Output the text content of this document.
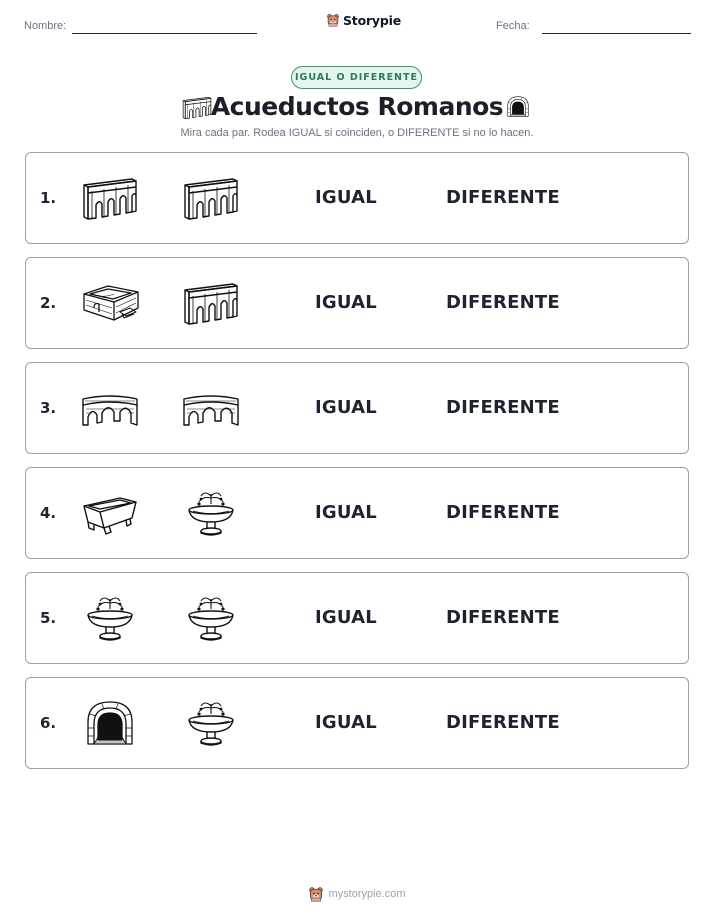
Nombre:	Storypie	Fecha:
IGUAL O DIFERENTE
Acueductos Romanos
Mira cada par. Rodea IGUAL si coinciden, o DIFERENTE si no lo hacen.
1.	IGUAL	DIFERENTE
2.	IGUAL	DIFERENTE
3.	IGUAL	DIFERENTE
4.	IGUAL	DIFERENTE
5.	IGUAL	DIFERENTE
6.	IGUAL	DIFERENTE
mystorypie.com
